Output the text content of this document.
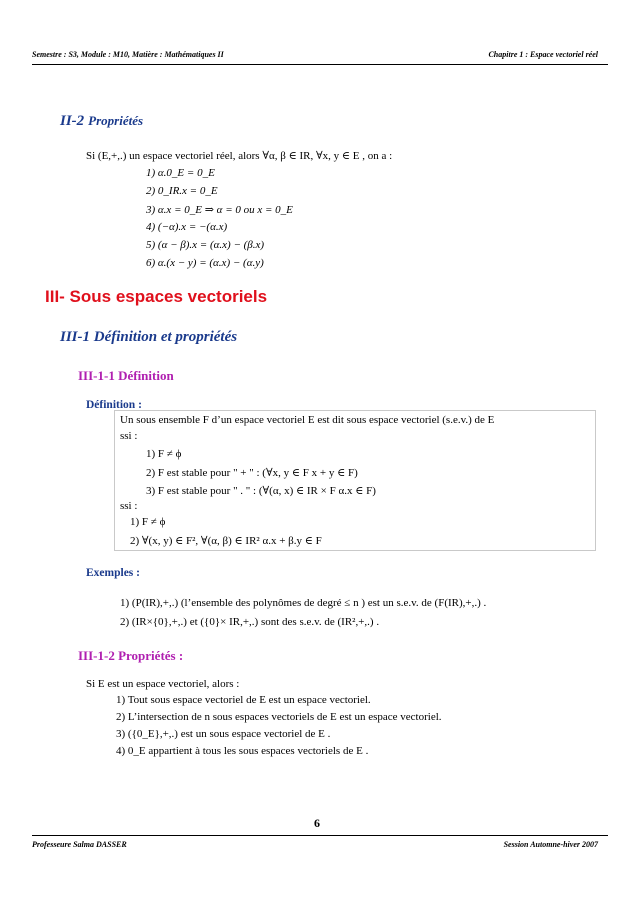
Semestre : S3, Module : M10, Matière : Mathématiques II	Chapitre 1 : Espace vectoriel réel
II-2 Propriétés
Si (E,+,.) un espace vectoriel réel, alors ∀α, β ∈ IR, ∀x, y ∈ E , on a :
1) α.0_E = 0_E
2) 0_IR.x = 0_E
3) α.x = 0_E ⇒ α = 0 ou x = 0_E
4) (−α).x = −(α.x)
5) (α − β).x = (α.x) − (β.x)
6) α.(x − y) = (α.x) − (α.y)
III- Sous espaces vectoriels
III-1 Définition et propriétés
III-1-1 Définition
Définition :
Un sous ensemble F d’un espace vectoriel E est dit sous espace vectoriel (s.e.v.) de E
ssi :
1) F ≠ ϕ
2) F est stable pour " + " : (∀x, y ∈ F x + y ∈ F)
3) F est stable pour " . " : (∀(α, x) ∈ IR × F α.x ∈ F)
ssi :
1) F ≠ ϕ
2) ∀(x, y) ∈ F², ∀(α, β) ∈ IR² α.x + β.y ∈ F
Exemples :
1) (P(IR),+,.) (l’ensemble des polynômes de degré ≤ n ) est un s.e.v. de (F(IR),+,.) .
2) (IR×{0},+,.) et ({0}× IR,+,.) sont des s.e.v. de (IR²,+,.) .
III-1-2 Propriétés :
Si E est un espace vectoriel, alors :
1) Tout sous espace vectoriel de E est un espace vectoriel.
2) L’intersection de n sous espaces vectoriels de E est un espace vectoriel.
3) ({0_E},+,.) est un sous espace vectoriel de E .
4) 0_E appartient à tous les sous espaces vectoriels de E .
6
Professeure Salma DASSER	Session Automne-hiver 2007
